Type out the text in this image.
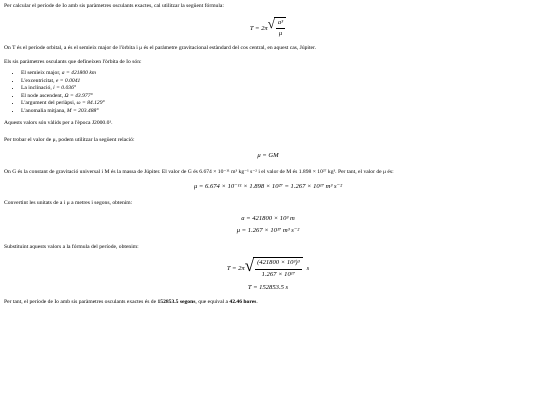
Per calcular el període de Io amb sis paràmetres osculants exactes, cal utilitzar la següent fórmula:

T = 2π √ $\frac{\text{a³}}{\mu}$

On T és el període orbital, a és el semieix major de l'òrbita i μ és el paràmetre gravitacional estàndard del cos central, en aquest cas, Júpiter.

Els sis paràmetres osculants que defineixen l'òrbita de Io són:

• El semieix major, a = 421800 km
• L'excentricitat, e = 0.0041
• La inclinació, i = 0.036°
• El node ascendent, Ω = 43.977°
• L'argument del periàpsi, ω = 84.129°
• L'anomalia mitjana, M = 203.488°

Aquests valors són vàlids per a l'època J2000.0¹.

Per trobar el valor de μ, podem utilitzar la següent relació:

μ = GM

On G és la constant de gravitació universal i M és la massa de Júpiter. El valor de G és 6.674 × 10⁻¹¹ m³ kg⁻¹ s⁻² i el valor de M és 1.898 × 10²⁷ kg³. Per tant, el valor de μ és:

μ = 6.674 × 10⁻¹¹ × 1.898 × 10²⁷ = 1.267 × 10¹⁷ m³ s⁻²

Convertint les unitats de a i μ a metres i segons, obtenim:

a = 421800 × 10³ m

μ = 1.267 × 10¹⁷ m³ s⁻²

Substituint aquests valors a la fórmula del període, obtenim:

T = 2π √ $\frac{\text{(421800 × 10³)³}}{\text{1.267 × 10¹⁷}}$ s

T = 152853.5 s

Per tant, el període de Io amb sis paràmetres osculants exactes és de 152853.5 segons, que equival a 42.46 hores.
